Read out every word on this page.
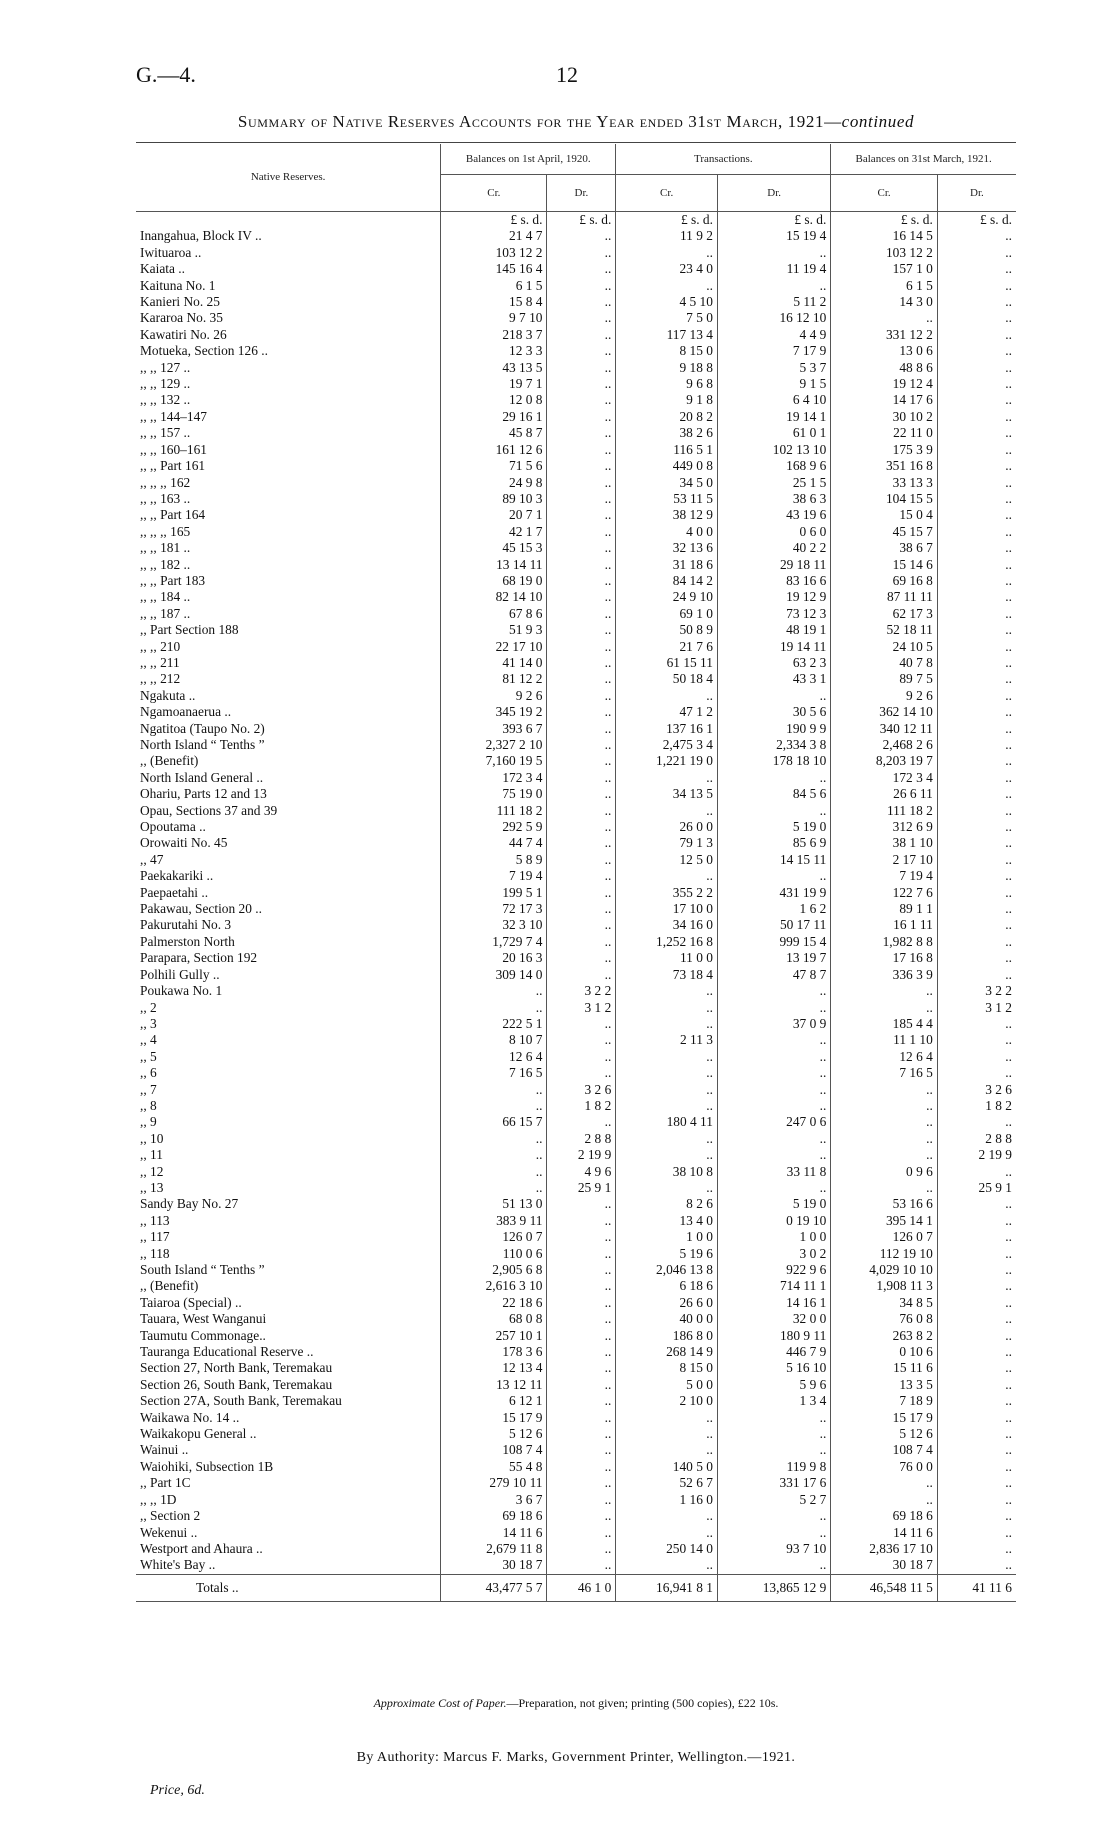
G.—4.	12
Summary of Native Reserves Accounts for the Year ended 31st March, 1921—continued
Native Reserves.	Balances on 1st April, 1920.		Transactions.		Balances on 31st March, 1921.	
	Cr.	Dr.	Cr.	Dr.	Cr.	Dr.
	£ s. d.	£ s. d.	£ s. d.	£ s. d.	£ s. d.	£ s. d.
Inangahua, Block IV ..	21 4 7	..	11 9 2	15 19 4	16 14 5	..
Iwituaroa ..	103 12 2	..	..	..	103 12 2	..
Kaiata ..	145 16 4	..	23 4 0	11 19 4	157 1 0	..
Kaituna No. 1	6 1 5	..	..	..	6 1 5	..
Kanieri No. 25	15 8 4	..	4 5 10	5 11 2	14 3 0	..
Kararoa No. 35	9 7 10	..	7 5 0	16 12 10	..	..
Kawatiri No. 26	218 3 7	..	117 13 4	4 4 9	331 12 2	..
Motueka, Section 126 ..	12 3 3	..	8 15 0	7 17 9	13 0 6	..
,, ,, 127 ..	43 13 5	..	9 18 8	5 3 7	48 8 6	..
,, ,, 129 ..	19 7 1	..	9 6 8	9 1 5	19 12 4	..
,, ,, 132 ..	12 0 8	..	9 1 8	6 4 10	14 17 6	..
,, ,, 144–147	29 16 1	..	20 8 2	19 14 1	30 10 2	..
,, ,, 157 ..	45 8 7	..	38 2 6	61 0 1	22 11 0	..
,, ,, 160–161	161 12 6	..	116 5 1	102 13 10	175 3 9	..
,, ,, Part 161	71 5 6	..	449 0 8	168 9 6	351 16 8	..
,, ,, ,, 162	24 9 8	..	34 5 0	25 1 5	33 13 3	..
,, ,, 163 ..	89 10 3	..	53 11 5	38 6 3	104 15 5	..
,, ,, Part 164	20 7 1	..	38 12 9	43 19 6	15 0 4	..
,, ,, ,, 165	42 1 7	..	4 0 0	0 6 0	45 15 7	..
,, ,, 181 ..	45 15 3	..	32 13 6	40 2 2	38 6 7	..
,, ,, 182 ..	13 14 11	..	31 18 6	29 18 11	15 14 6	..
,, ,, Part 183	68 19 0	..	84 14 2	83 16 6	69 16 8	..
,, ,, 184 ..	82 14 10	..	24 9 10	19 12 9	87 11 11	..
,, ,, 187 ..	67 8 6	..	69 1 0	73 12 3	62 17 3	..
,, Part Section 188	51 9 3	..	50 8 9	48 19 1	52 18 11	..
,, ,, 210	22 17 10	..	21 7 6	19 14 11	24 10 5	..
,, ,, 211	41 14 0	..	61 15 11	63 2 3	40 7 8	..
,, ,, 212	81 12 2	..	50 18 4	43 3 1	89 7 5	..
Ngakuta ..	9 2 6	..	..	..	9 2 6	..
Ngamoanaerua ..	345 19 2	..	47 1 2	30 5 6	362 14 10	..
Ngatitoa (Taupo No. 2)	393 6 7	..	137 16 1	190 9 9	340 12 11	..
North Island “ Tenths ”	2,327 2 10	..	2,475 3 4	2,334 3 8	2,468 2 6	..
,, (Benefit)	7,160 19 5	..	1,221 19 0	178 18 10	8,203 19 7	..
North Island General ..	172 3 4	..	..	..	172 3 4	..
Ohariu, Parts 12 and 13	75 19 0	..	34 13 5	84 5 6	26 6 11	..
Opau, Sections 37 and 39	111 18 2	..	..	..	111 18 2	..
Opoutama ..	292 5 9	..	26 0 0	5 19 0	312 6 9	..
Orowaiti No. 45	44 7 4	..	79 1 3	85 6 9	38 1 10	..
,, 47	5 8 9	..	12 5 0	14 15 11	2 17 10	..
Paekakariki ..	7 19 4	..	..	..	7 19 4	..
Paepaetahi ..	199 5 1	..	355 2 2	431 19 9	122 7 6	..
Pakawau, Section 20 ..	72 17 3	..	17 10 0	1 6 2	89 1 1	..
Pakurutahi No. 3	32 3 10	..	34 16 0	50 17 11	16 1 11	..
Palmerston North	1,729 7 4	..	1,252 16 8	999 15 4	1,982 8 8	..
Parapara, Section 192	20 16 3	..	11 0 0	13 19 7	17 16 8	..
Polhili Gully ..	309 14 0	..	73 18 4	47 8 7	336 3 9	..
Poukawa No. 1	..	3 2 2	..	..	..	3 2 2
,, 2	..	3 1 2	..	..	..	3 1 2
,, 3	222 5 1	..	..	37 0 9	185 4 4	..
,, 4	8 10 7	..	2 11 3	..	11 1 10	..
,, 5	12 6 4	..	..	..	12 6 4	..
,, 6	7 16 5	..	..	..	7 16 5	..
,, 7	..	3 2 6	..	..	..	3 2 6
,, 8	..	1 8 2	..	..	..	1 8 2
,, 9	66 15 7	..	180 4 11	247 0 6	..	..
,, 10	..	2 8 8	..	..	..	2 8 8
,, 11	..	2 19 9	..	..	..	2 19 9
,, 12	..	4 9 6	38 10 8	33 11 8	0 9 6	..
,, 13	..	25 9 1	..	..	..	25 9 1
Sandy Bay No. 27	51 13 0	..	8 2 6	5 19 0	53 16 6	..
,, 113	383 9 11	..	13 4 0	0 19 10	395 14 1	..
,, 117	126 0 7	..	1 0 0	1 0 0	126 0 7	..
,, 118	110 0 6	..	5 19 6	3 0 2	112 19 10	..
South Island “ Tenths ”	2,905 6 8	..	2,046 13 8	922 9 6	4,029 10 10	..
,, (Benefit)	2,616 3 10	..	6 18 6	714 11 1	1,908 11 3	..
Taiaroa (Special) ..	22 18 6	..	26 6 0	14 16 1	34 8 5	..
Tauara, West Wanganui	68 0 8	..	40 0 0	32 0 0	76 0 8	..
Taumutu Commonage..	257 10 1	..	186 8 0	180 9 11	263 8 2	..
Tauranga Educational Reserve ..	178 3 6	..	268 14 9	446 7 9	0 10 6	..
Section 27, North Bank, Teremakau	12 13 4	..	8 15 0	5 16 10	15 11 6	..
Section 26, South Bank, Teremakau	13 12 11	..	5 0 0	5 9 6	13 3 5	..
Section 27A, South Bank, Teremakau	6 12 1	..	2 10 0	1 3 4	7 18 9	..
Waikawa No. 14 ..	15 17 9	..	..	..	15 17 9	..
Waikakopu General ..	5 12 6	..	..	..	5 12 6	..
Wainui ..	108 7 4	..	..	..	108 7 4	..
Waiohiki, Subsection 1B	55 4 8	..	140 5 0	119 9 8	76 0 0	..
,, Part 1C	279 10 11	..	52 6 7	331 17 6	..	..
,, ,, 1D	3 6 7	..	1 16 0	5 2 7	..	..
,, Section 2	69 18 6	..	..	..	69 18 6	..
Wekenui ..	14 11 6	..	..	..	14 11 6	..
Westport and Ahaura ..	2,679 11 8	..	250 14 0	93 7 10	2,836 17 10	..
White's Bay ..	30 18 7	..	..	..	30 18 7	..
Totals ..	43,477 5 7	46 1 0	16,941 8 1	13,865 12 9	46,548 11 5	41 11 6
Approximate Cost of Paper.—Preparation, not given; printing (500 copies), £22 10s.
By Authority: Marcus F. Marks, Government Printer, Wellington.—1921.
Price, 6d.
